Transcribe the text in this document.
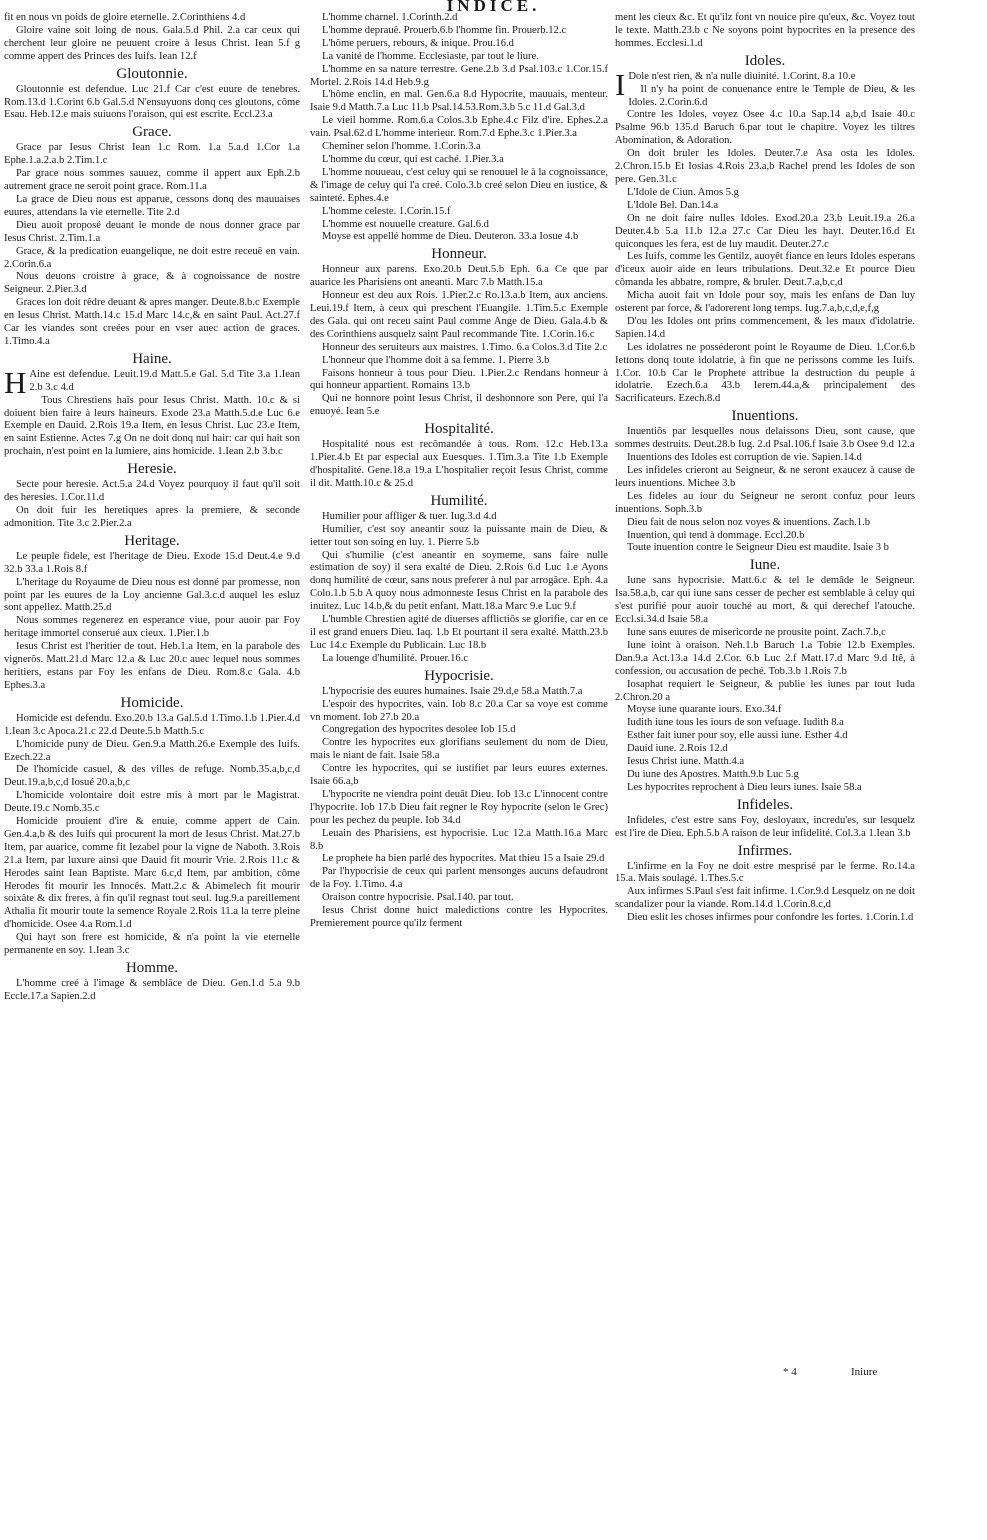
INDICE.

fit en nous vn poids de gloire eternelle. 2.Corinthiens 4.d

Gloire vaine soit loing de nous. Gala.5.d Phil. 2.a car ceux qui cherchent leur gloire ne peuuent croire à Iesus Christ. Iean 5.f g comme appert des Princes des Iuifs. Iean 12.f

Gloutonnie.

Gloutonnie est defendue. Luc 21.f Car c'est euure de tenebres. Rom.13.d 1.Corint 6.b Gal.5.d N'ensuyuons donq ces gloutons, côme Esau. Heb.12.e mais suiuons l'oraison, qui est escrite. Eccl.23.a

Grace.

Grace par Iesus Christ Iean 1.c Rom. 1.a 5.a.d 1.Cor 1.a Ephe.1.a.2.a.b 2.Tim.1.c

Par grace nous sommes sauuez, comme il appert aux Eph.2.b autrement grace ne seroit point grace. Rom.11.a

La grace de Dieu nous est apparue, cessons donq des mauuaises euures, attendans la vie eternelle. Tite 2.d

Dieu auoit proposé deuant le monde de nous donner grace par Iesus Christ. 2.Tim.1.a

Grace, & la predication euangelique, ne doit estre receuë en vain. 2.Corin.6.a

Nous deuons croistre à grace, & à cognoissance de nostre Seigneur. 2.Pier.3.d

Graces lon doit rêdre deuant & apres manger. Deute.8.b.c Exemple en Iesus Christ. Matth.14.c 15.d Marc 14.c,& en saint Paul. Act.27.f Car les viandes sont creées pour en vser auec action de graces. 1.Timo.4.a

Haine.

H Aine est defendue. Leuit.19.d Matt.5.e Gal. 5.d Tite 3.a 1.Iean 2.b 3.c 4.d

Tous Chrestiens haïs pour Iesus Christ. Matth. 10.c & si doiuent bien faire à leurs haineurs. Exode 23.a Matth.5.d.e Luc 6.e Exemple en Dauid. 2.Rois 19.a Item, en Iesus Christ. Luc 23.e Item, en saint Estienne. Actes 7.g On ne doit donq nul hair: car qui hait son prochain, n'est point en la lumiere, ains homicide. 1.Iean 2.b 3.b.c

Heresie.

Secte pour heresie. Act.5.a 24.d Voyez pourquoy il faut qu'il soit des heresies. 1.Cor.11.d

On doit fuir les heretiques apres la premiere, & seconde admonition. Tite 3.c 2.Pier.2.a

Heritage.

Le peuple fidele, est l'heritage de Dieu. Exode 15.d Deut.4.e 9.d 32.b 33.a 1.Rois 8.f

L'heritage du Royaume de Dieu nous est donné par promesse, non point par les euures de la Loy ancienne Gal.3.c.d auquel les esluz sont appellez. Matth.25.d

Nous sommes regenerez en esperance viue, pour auoir par Foy heritage immortel conserué aux cieux. 1.Pier.1.b

Iesus Christ est l'heritier de tout. Heb.1.a Item, en la parabole des vignerõs. Matt.21.d Marc 12.a & Luc 20.c auec lequel nous sommes heritiers, estans par Foy les enfans de Dieu. Rom.8.c Gala. 4.b Ephes.3.a

Homicide.

Homicide est defendu. Exo.20.b 13.a Gal.5.d 1.Timo.1.b 1.Pier.4.d 1.Iean 3.c Apoca.21.c 22.d Deute.5.b Matth.5.c

L'homicide puny de Dieu. Gen.9.a Matth.26.e Exemple des Iuifs. Ezech.22.a

De l'homicide casuel, & des villes de refuge. Nomb.35.a,b,c,d Deut.19.a,b,c,d Iosué 20.a,b,c

L'homicide volontaire doit estre mis à mort par le Magistrat. Deute.19.c Nomb.35.c

Homicide prouient d'ire & enuie, comme appert de Cain. Gen.4.a,b & des Iuifs qui procurent la mort de Iesus Christ. Mat.27.b Item, par auarice, comme fit Iezabel pour la vigne de Naboth. 3.Rois 21.a Item, par luxure ainsi que Dauid fit mourir Vrie. 2.Rois 11.c & Herodes saint Iean Baptiste. Marc 6.c,d Item, par ambition, côme Herodes fit mourir les Innocês. Matt.2.c & Abimelech fit mourir soixâte & dix freres, à fin qu'il regnast tout seul. Iug.9.a pareillement Athalia fit mourir toute la semence Royale 2.Rois 11.a la terre pleine d'homicide. Osee 4.a Rom.1.d

Qui hayt son frere est homicide, & n'a point la vie eternelle permanente en soy. 1.Iean 3.c

Homme.

L'homme creé à l'image & semblâce de Dieu. Gen.1.d 5.a 9.b Eccle.17.a Sapien.2.d

L'homme charnel. 1.Corinth.2.d

L'homme deprauê. Prouerb.6.b l'homme fin. Prouerb.12.c

L'hôme peruers, rebours, & inique. Prou.16.d

La vanité de l'homme. Ecclesiaste, par tout le liure.

L'homme en sa nature terrestre. Gene.2.b 3.d Psal.103.c 1.Cor.15.f Mortel. 2.Rois 14.d Heb.9.g

L'hôme enclin, en mal. Gen.6.a 8.d Hypocrite, mauuais, menteur. Isaie 9.d Matth.7.a Luc 11.b Psal.14.53.Rom.3.b 5.c 11.d Gal.3.d

Le vieil homme. Rom.6.a Colos.3.b Ephe.4.c Filz d'ire. Ephes.2.a vain. Psal.62.d L'homme interieur. Rom.7.d Ephe.3.c 1.Pier.3.a

Cheminer selon l'homme. 1.Corin.3.a

L'homme du cœur, qui est caché. 1.Pier.3.a

L'homme nouueau, c'est celuy qui se renouuel le à la cognoissance, & l'image de celuy qui l'a creé. Colo.3.b creé selon Dieu en iustice, & sainteté. Ephes.4.e

L'homme celeste. 1.Corin.15.f

L'homme est nouuelle creature. Gal.6.d

Moyse est appellé homme de Dieu. Deuteron. 33.a Iosue 4.b

Honneur.

Honneur aux parens. Exo.20.b Deut.5.b Eph. 6.a Ce que par auarice les Pharisiens ont aneanti. Marc 7.b Matth.15.a

Honneur est deu aux Rois. 1.Pier.2.c Ro.13.a.b Item, aux anciens. Leui.19.f Item, à ceux qui preschent l'Euangile. 1.Tim.5.c Exemple des Gala. qui ont receu saint Paul comme Ange de Dieu. Gala.4.b & des Corinthiens ausquelz saint Paul recommande Tite. 1.Corin.16.c

Honneur des seruiteurs aux maistres. 1.Timo. 6.a Colos.3.d Tite 2.c

L'honneur que l'homme doit à sa femme. 1. Pierre 3.b

Faisons honneur à tous pour Dieu. 1.Pier.2.c Rendans honneur à qui honneur appartient. Romains 13.b

Qui ne honnore point Iesus Christ, il deshonnore son Pere, qui l'a enuoyé. Iean 5.e

Hospitalité.

Hospitalité nous est recômandée à tous. Rom. 12.c Heb.13.a 1.Pier.4.b Et par especial aux Euesques. 1.Tim.3.a Tite 1.b Exemple d'hospitalité. Gene.18.a 19.a L'hospitalier reçoit Iesus Christ, comme il dit. Matth.10.c & 25.d

Humilité.

Humilier pour affliger & tuer. Iug.3.d 4.d

Humilier, c'est soy aneantir souz la puissante main de Dieu, & ietter tout son soing en luy. 1. Pierre 5.b

Qui s'humilie (c'est aneantir en soymeme, sans faire nulle estimation de soy) il sera exalté de Dieu. 2.Rois 6.d Luc 1.e Ayons donq humilité de cœur, sans nous preferer à nul par arrogâce. Eph. 4.a Colo.1.b 5.b A quoy nous admonneste Iesus Christ en la parabole des inuitez. Luc 14.b,& du petit enfant. Matt.18.a Marc 9.e Luc 9.f

L'humble Chrestien agité de diuerses afflictiôs se glorifie, car en ce il est grand enuers Dieu. Iaq. 1.b Et pourtant il sera exalté. Matth.23.b Luc 14.c Exemple du Publicain. Luc 18.b

La louenge d'humilité. Prouer.16.c

Hypocrisie.

L'hypocrisie des euures humaines. Isaie 29.d,e 58.a Matth.7.a

L'espoir des hypocrites, vain. Iob 8.c 20.a Car sa voye est comme vn moment. Iob 27.b 20.a

Congregation des hypocrites desolee Iob 15.d

Contre les hypocrites eux glorifians seulement du nom de Dieu, mais le niant de fait. Isaie 58.a

Contre les hypocrites, qui se iustifiet par leurs euures externes. Isaie 66.a,b

L'hypocrite ne viendra point deuât Dieu. Iob 13.c L'innocent contre l'hypocrite. Iob 17.b Dieu fait regner le Roy hypocrite (selon le Grec) pour les pechez du peuple. Iob 34.d

Leuain des Pharisiens, est hypocrisie. Luc 12.a Matth.16.a Marc 8.b

Le prophete ha bien parlé des hypocrites. Mat thieu 15 a Isaie 29.d

Par l'hypocrisie de ceux qui parlent mensonges aucuns defaudront de la Foy. 1.Timo. 4.a

Oraison contre hypocrisie. Psal.140. par tout.

Iesus Christ donne huict maledictions contre les Hypocrites. Premierement pource qu'ilz ferment

ment les cieux &c. Et qu'ilz font vn nouice pire qu'eux, &c. Voyez tout le texte. Matth.23.b c Ne soyons point hypocrites en la presence des hommes. Ecclesi.1.d

Idoles.

I Dole n'est rien, & n'a nulle diuinité. 1.Corint. 8.a 10.e

Il n'y ha point de conuenance entre le Temple de Dieu, & les Idoles. 2.Corin.6.d

Contre les Idoles, voyez Osee 4.c 10.a Sap.14 a,b,d Isaie 40.c Psalme 96.b 135.d Baruch 6.par tout le chapitre. Voyez les tiltres Abomination, & Adoration.

On doit bruler les Idoles. Deuter.7.e Asa osta les Idoles. 2.Chron.15.b Et Iosias 4.Rois 23.a,b Rachel prend les Idoles de son pere. Gen.31.c

L'Idole de Ciun. Amos 5.g

L'Idole Bel. Dan.14.a

On ne doit faire nulles Idoles. Exod.20.a 23.b Leuit.19.a 26.a Deuter.4.b 5.a 11.b 12.a 27.c Car Dieu les hayt. Deuter.16.d Et quiconques les fera, est de luy maudit. Deuter.27.c

Les Iuifs, comme les Gentilz, auoyêt fiance en leurs Idoles esperans d'iceux auoir aide en leurs tribulations. Deut.32.e Et pource Dieu cômanda les abbatre, rompre, & bruler. Deut.7.a,b,c,d

Micha auoit fait vn Idole pour soy, mais les enfans de Dan luy osterent par force, & l'adorerent long temps. Iug.7.a,b,c,d,e,f,g

D'ou les Idoles ont prins commencement, & les maux d'idolatrie. Sapien.14.d

Les idolatres ne posséderont point le Royaume de Dieu. 1.Cor.6.b Iettons donq toute idolatrie, à fin que ne perissons comme les Iuifs. 1.Cor. 10.b Car le Prophete attribue la destruction du peuple à idolatrie. Ezech.6.a 43.b Ierem.44.a,& principalement des Sacrificateurs. Ezech.8.d

Inuentions.

Inuentiõs par lesquelles nous delaissons Dieu, sont cause, que sommes destruits. Deut.28.b Iug. 2.d Psal.106.f Isaie 3.b Osee 9.d 12.a

Inuentions des Idoles est corruption de vie. Sapien.14.d

Les infideles crieront au Seigneur, & ne seront exaucez à cause de leurs inuentions. Michee 3.b

Les fideles au iour du Seigneur ne seront confuz pour leurs inuentions. Soph.3.b

Dieu fait de nous selon noz voyes & inuentions. Zach.1.b

Inuention, qui tend à dommage. Eccl.20.b

Toute inuention contre le Seigneur Dieu est maudite. Isaie 3 b

Iune.

Iune sans hypocrisie. Matt.6.c & tel le demâde le Seigneur. Isa.58.a,b, car qui iune sans cesser de pecher est semblable à celuy qui s'est purifié pour auoir touché au mort, & qui derechef l'atouche. Eccl.si.34.d Isaie 58.a

Iune sans euures de misericorde ne prousite point. Zach.7.b,c

Iune ioint à oraison. Neh.1.b Baruch 1.a Tobie 12.b Exemples. Dan.9.a Act.13.a 14.d 2.Cor. 6.b Luc 2.f Matt.17.d Marc 9.d Itê, à confession, ou accusation de peché. Tob.3.b 1.Rois 7.b

Iosaphat requiert le Seigneur, & publie les iunes par tout Iuda 2.Chron.20 a

Moyse iune quarante iours. Exo.34.f

Iudith iune tous les iours de son vefuage. Iudith 8.a

Esther fait iuner pour soy, elle aussi iune. Esther 4.d

Dauid iune. 2.Rois 12.d

Iesus Christ iune. Matth.4.a

Du iune des Apostres. Matth.9.b Luc 5.g

Les hypocrites reprochent à Dieu leurs iunes. Isaie 58.a

Infideles.

Infideles, c'est estre sans Foy, desloyaux, incredu'es, sur lesquelz est l'ire de Dieu. Eph.5.b A raison de leur infidelité. Col.3.a 1.Iean 3.b

Infirmes.

L'infirme en la Foy ne doit estre mesprisé par le ferme. Ro.14.a 15.a. Mais soulagé. 1.Thes.5.c

Aux infirmes S.Paul s'est fait infirme. 1.Cor.9.d Lesquelz on ne doit scandalizer pour la viande. Rom.14.d 1.Corin.8.c,d

Dieu eslit les choses infirmes pour confondre les fortes. 1.Corin.1.d

* 4	Iniure
